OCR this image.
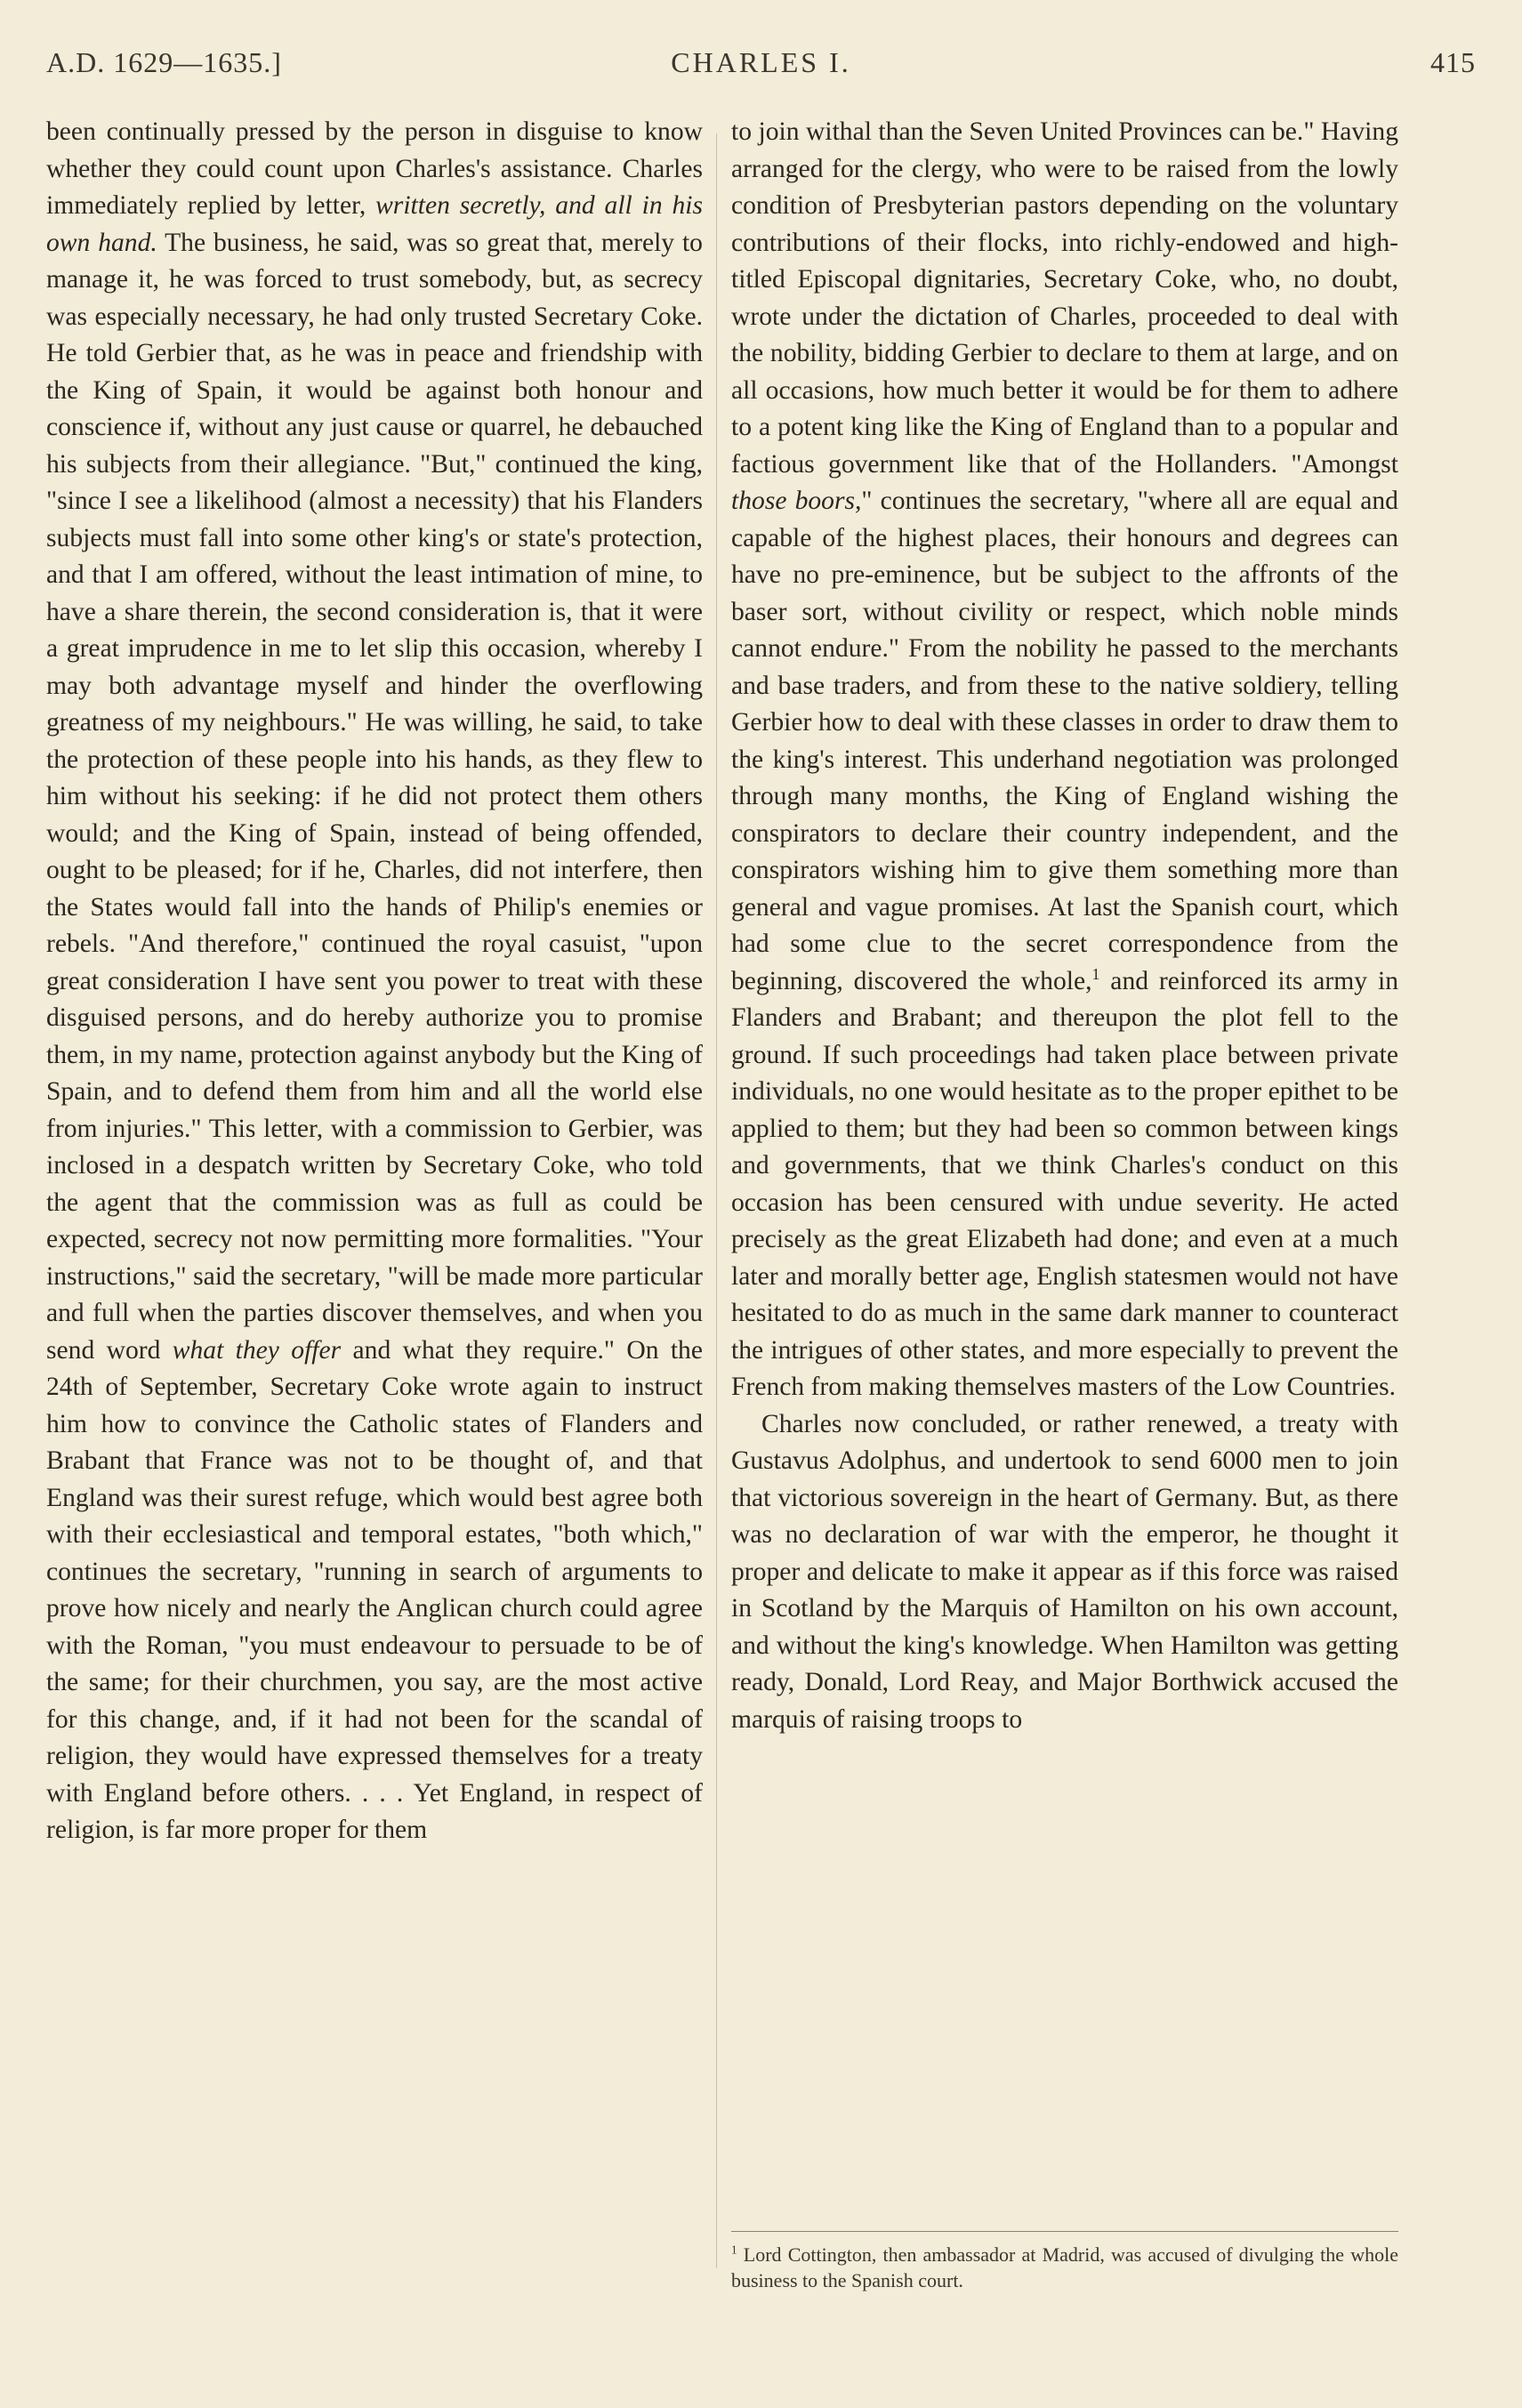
A.D. 1629—1635.]	CHARLES I.	415

been continually pressed by the person in disguise to know whether they could count upon Charles's assistance. Charles immediately replied by letter, written secretly, and all in his own hand. The business, he said, was so great that, merely to manage it, he was forced to trust somebody, but, as secrecy was especially necessary, he had only trusted Secretary Coke. He told Gerbier that, as he was in peace and friendship with the King of Spain, it would be against both honour and conscience if, without any just cause or quarrel, he debauched his subjects from their allegiance. "But," continued the king, "since I see a likelihood (almost a necessity) that his Flanders subjects must fall into some other king's or state's protection, and that I am offered, without the least intimation of mine, to have a share therein, the second consideration is, that it were a great imprudence in me to let slip this occasion, whereby I may both advantage myself and hinder the overflowing greatness of my neighbours." He was willing, he said, to take the protection of these people into his hands, as they flew to him without his seeking: if he did not protect them others would; and the King of Spain, instead of being offended, ought to be pleased; for if he, Charles, did not interfere, then the States would fall into the hands of Philip's enemies or rebels. "And therefore," continued the royal casuist, "upon great consideration I have sent you power to treat with these disguised persons, and do hereby authorize you to promise them, in my name, protection against anybody but the King of Spain, and to defend them from him and all the world else from injuries." This letter, with a commission to Gerbier, was inclosed in a despatch written by Secretary Coke, who told the agent that the commission was as full as could be expected, secrecy not now permitting more formalities. "Your instructions," said the secretary, "will be made more particular and full when the parties discover themselves, and when you send word what they offer and what they require." On the 24th of September, Secretary Coke wrote again to instruct him how to convince the Catholic states of Flanders and Brabant that France was not to be thought of, and that England was their surest refuge, which would best agree both with their ecclesiastical and temporal estates, "both which," continues the secretary, "running in search of arguments to prove how nicely and nearly the Anglican church could agree with the Roman, "you must endeavour to persuade to be of the same; for their churchmen, you say, are the most active for this change, and, if it had not been for the scandal of religion, they would have expressed themselves for a treaty with England before others. . . . Yet England, in respect of religion, is far more proper for them

to join withal than the Seven United Provinces can be." Having arranged for the clergy, who were to be raised from the lowly condition of Presbyterian pastors depending on the voluntary contributions of their flocks, into richly-endowed and high-titled Episcopal dignitaries, Secretary Coke, who, no doubt, wrote under the dictation of Charles, proceeded to deal with the nobility, bidding Gerbier to declare to them at large, and on all occasions, how much better it would be for them to adhere to a potent king like the King of England than to a popular and factious government like that of the Hollanders. "Amongst those boors," continues the secretary, "where all are equal and capable of the highest places, their honours and degrees can have no pre-eminence, but be subject to the affronts of the baser sort, without civility or respect, which noble minds cannot endure." From the nobility he passed to the merchants and base traders, and from these to the native soldiery, telling Gerbier how to deal with these classes in order to draw them to the king's interest. This underhand negotiation was prolonged through many months, the King of England wishing the conspirators to declare their country independent, and the conspirators wishing him to give them something more than general and vague promises. At last the Spanish court, which had some clue to the secret correspondence from the beginning, discovered the whole,$^1$ and reinforced its army in Flanders and Brabant; and thereupon the plot fell to the ground. If such proceedings had taken place between private individuals, no one would hesitate as to the proper epithet to be applied to them; but they had been so common between kings and governments, that we think Charles's conduct on this occasion has been censured with undue severity. He acted precisely as the great Elizabeth had done; and even at a much later and morally better age, English statesmen would not have hesitated to do as much in the same dark manner to counteract the intrigues of other states, and more especially to prevent the French from making themselves masters of the Low Countries.

Charles now concluded, or rather renewed, a treaty with Gustavus Adolphus, and undertook to send 6000 men to join that victorious sovereign in the heart of Germany. But, as there was no declaration of war with the emperor, he thought it proper and delicate to make it appear as if this force was raised in Scotland by the Marquis of Hamilton on his own account, and without the king's knowledge. When Hamilton was getting ready, Donald, Lord Reay, and Major Borthwick accused the marquis of raising troops to

$^1$ Lord Cottington, then ambassador at Madrid, was accused of divulging the whole business to the Spanish court.
